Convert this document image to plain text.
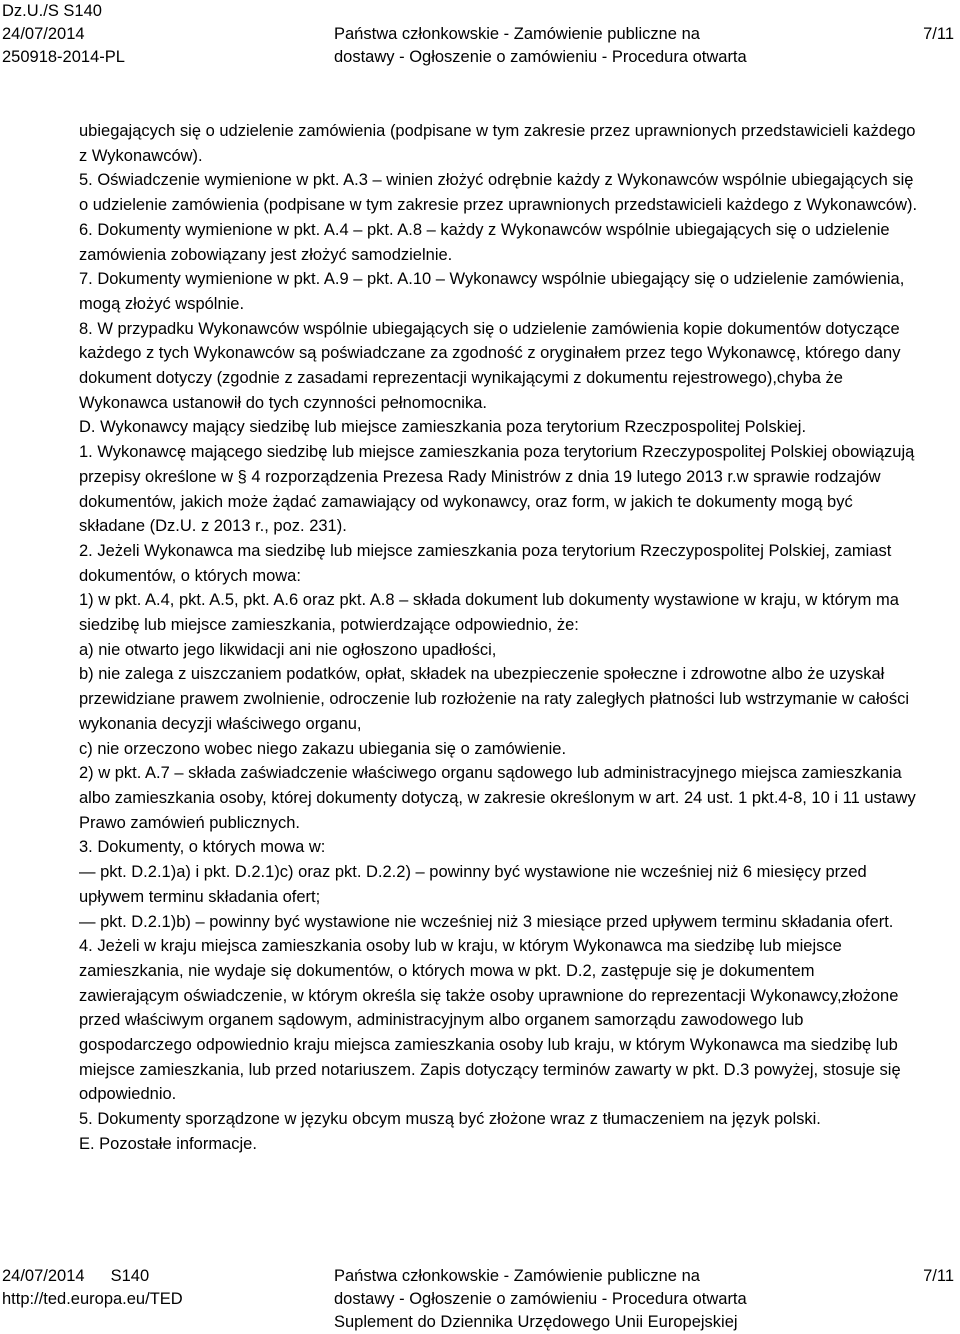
Dz.U./S S140
24/07/2014
250918-2014-PL
Państwa członkowskie - Zamówienie publiczne na
dostawy - Ogłoszenie o zamówieniu - Procedura otwarta
7/11

ubiegających się o udzielenie zamówienia (podpisane w tym zakresie przez uprawnionych przedstawicieli każdego z Wykonawców).

5. Oświadczenie wymienione w pkt. A.3 – winien złożyć odrębnie każdy z Wykonawców wspólnie ubiegających się o udzielenie zamówienia (podpisane w tym zakresie przez uprawnionych przedstawicieli każdego z Wykonawców).

6. Dokumenty wymienione w pkt. A.4 – pkt. A.8 – każdy z Wykonawców wspólnie ubiegających się o udzielenie zamówienia zobowiązany jest złożyć samodzielnie.

7. Dokumenty wymienione w pkt. A.9 – pkt. A.10 – Wykonawcy wspólnie ubiegający się o udzielenie zamówienia, mogą złożyć wspólnie.

8. W przypadku Wykonawców wspólnie ubiegających się o udzielenie zamówienia kopie dokumentów dotyczące każdego z tych Wykonawców są poświadczane za zgodność z oryginałem przez tego Wykonawcę, którego dany dokument dotyczy (zgodnie z zasadami reprezentacji wynikającymi z dokumentu rejestrowego),chyba że Wykonawca ustanowił do tych czynności pełnomocnika.

D. Wykonawcy mający siedzibę lub miejsce zamieszkania poza terytorium Rzeczpospolitej Polskiej.

1. Wykonawcę mającego siedzibę lub miejsce zamieszkania poza terytorium Rzeczypospolitej Polskiej obowiązują przepisy określone w § 4 rozporządzenia Prezesa Rady Ministrów z dnia 19 lutego 2013 r.w sprawie rodzajów dokumentów, jakich może żądać zamawiający od wykonawcy, oraz form, w jakich te dokumenty mogą być składane (Dz.U. z 2013 r., poz. 231).

2. Jeżeli Wykonawca ma siedzibę lub miejsce zamieszkania poza terytorium Rzeczypospolitej Polskiej, zamiast dokumentów, o których mowa:

1) w pkt. A.4, pkt. A.5, pkt. A.6 oraz pkt. A.8 – składa dokument lub dokumenty wystawione w kraju, w którym ma siedzibę lub miejsce zamieszkania, potwierdzające odpowiednio, że:

a) nie otwarto jego likwidacji ani nie ogłoszono upadłości,

b) nie zalega z uiszczaniem podatków, opłat, składek na ubezpieczenie społeczne i zdrowotne albo że uzyskał przewidziane prawem zwolnienie, odroczenie lub rozłożenie na raty zaległych płatności lub wstrzymanie w całości wykonania decyzji właściwego organu,

c) nie orzeczono wobec niego zakazu ubiegania się o zamówienie.

2) w pkt. A.7 – składa zaświadczenie właściwego organu sądowego lub administracyjnego miejsca zamieszkania albo zamieszkania osoby, której dokumenty dotyczą, w zakresie określonym w art. 24 ust. 1 pkt.4-8, 10 i 11 ustawy Prawo zamówień publicznych.

3. Dokumenty, o których mowa w:

— pkt. D.2.1)a) i pkt. D.2.1)c) oraz pkt. D.2.2) – powinny być wystawione nie wcześniej niż 6 miesięcy przed upływem terminu składania ofert;

— pkt. D.2.1)b) – powinny być wystawione nie wcześniej niż 3 miesiące przed upływem terminu składania ofert.

4. Jeżeli w kraju miejsca zamieszkania osoby lub w kraju, w którym Wykonawca ma siedzibę lub miejsce zamieszkania, nie wydaje się dokumentów, o których mowa w pkt. D.2, zastępuje się je dokumentem zawierającym oświadczenie, w którym określa się także osoby uprawnione do reprezentacji Wykonawcy,złożone przed właściwym organem sądowym, administracyjnym albo organem samorządu zawodowego lub gospodarczego odpowiednio kraju miejsca zamieszkania osoby lub kraju, w którym Wykonawca ma siedzibę lub miejsce zamieszkania, lub przed notariuszem. Zapis dotyczący terminów zawarty w pkt. D.3 powyżej, stosuje się odpowiednio.

5. Dokumenty sporządzone w języku obcym muszą być złożone wraz z tłumaczeniem na język polski.

E. Pozostałe informacje.

24/07/2014 S140
http://ted.europa.eu/TED
Państwa członkowskie - Zamówienie publiczne na
dostawy - Ogłoszenie o zamówieniu - Procedura otwarta
Suplement do Dziennika Urzędowego Unii Europejskiej
7/11
